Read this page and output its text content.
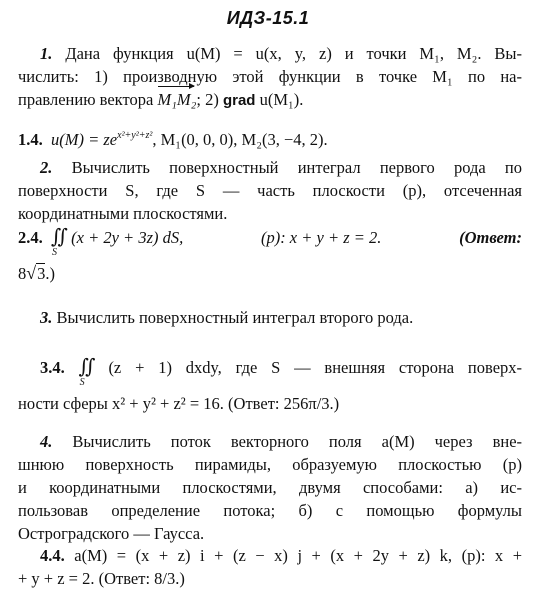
ИДЗ-15.1

1. Дана функция u(M) = u(x, y, z) и точки M₁, M₂. Вы-

числить: 1) производную этой функции в точке M₁ по на-

правлению вектора M₁M₂; 2) grad u(M₁).

1.4. $u(M) = ze^{x^2+y^2+z^2}$, M₁(0, 0, 0), M₂(3, −4, 2).

2. Вычислить поверхностный интеграл первого рода по

поверхности S, где S — часть плоскости (p), отсеченная

координатными плоскостями.

2.4. $∬_S$ (x + 2y + 3z) dS,	(p): x + y + z = 2.	(Ответ:

8√3.)

3. Вычислить поверхностный интеграл второго рода.

3.4. $∬_S$ (z + 1) dxdy, где S — внешняя сторона поверх-

ности сферы x² + y² + z² = 16. (Ответ: 256π/3.)

4. Вычислить поток векторного поля a(M) через вне-

шнюю поверхность пирамиды, образуемую плоскостью (p)

и координатными плоскостями, двумя способами: а) ис-

пользовав определение потока; б) с помощью формулы

Остроградского — Гаусса.

4.4. a(M) = (x + z) i + (z − x) j + (x + 2y + z) k, (p): x +

+ y + z = 2. (Ответ: 8/3.)
